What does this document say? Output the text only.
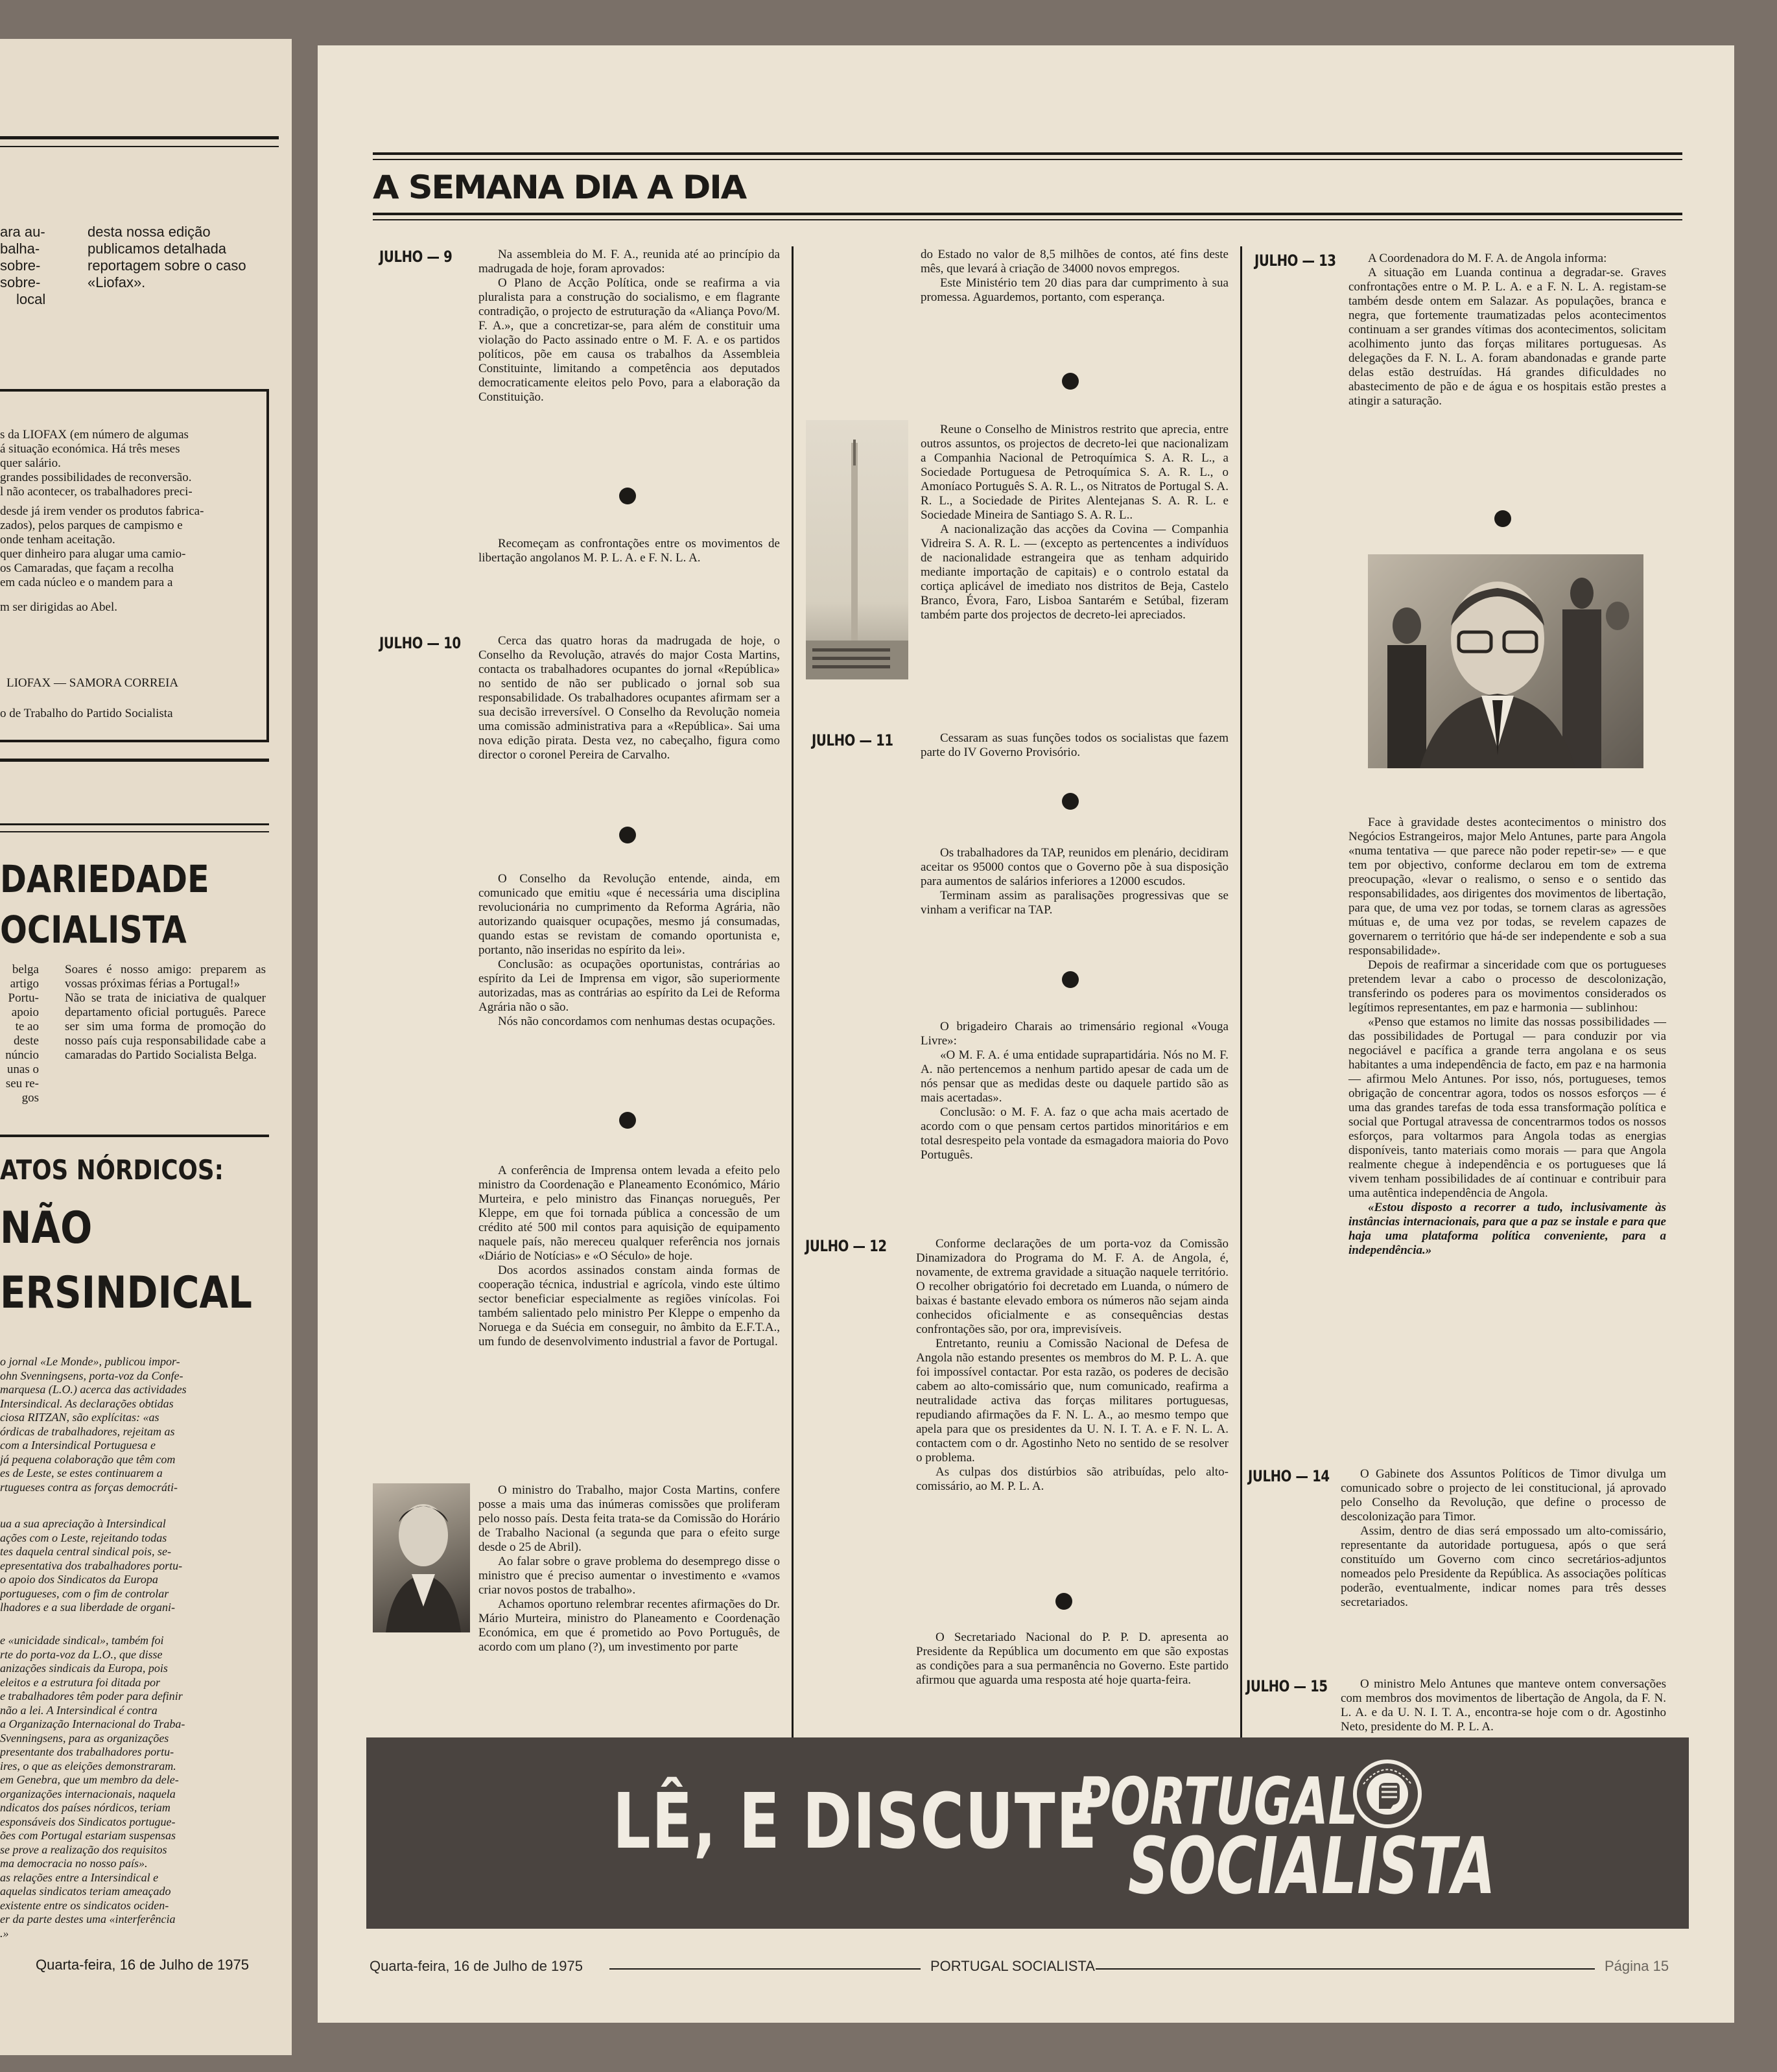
ara au-
balha-
sobre-
sobre-
local
desta nossa edição publicamos detalhada reportagem sobre o caso «Liofax».
s da LIOFAX (em número de algumas
á situação económica. Há três meses
quer salário.
grandes possibilidades de reconversão.
l não acontecer, os trabalhadores preci-
desde já irem vender os produtos fabrica-
zados), pelos parques de campismo e
onde tenham aceitação.
quer dinheiro para alugar uma camio-
os Camaradas, que façam a recolha
em cada núcleo e o mandem para a
m ser dirigidas ao Abel.
LIOFAX — SAMORA CORREIA
o de Trabalho do Partido Socialista
DARIEDADE
OCIALISTA
belga
artigo
Portu-
apoio
te ao
deste
núncio
unas o
seu re-
gos
Soares é nosso amigo: preparem as vossas próximas férias a Portugal!»
Não se trata de iniciativa de qualquer departamento oficial português. Parece ser sim uma forma de promoção do nosso país cuja responsabilidade cabe a camaradas do Partido Socialista Belga.
ATOS NÓRDICOS:
NÃO
ERSINDICAL
o jornal «Le Monde», publicou impor-
ohn Svenningsens, porta-voz da Confe-
marquesa (L.O.) acerca das actividades
Intersindical. As declarações obtidas
ciosa RITZAN, são explícitas: «as
órdicas de trabalhadores, rejeitam as
com a Intersindical Portuguesa e
já pequena colaboração que têm com
es de Leste, se estes continuarem a
rtugueses contra as forças democráti-
ua a sua apreciação à Intersindical
ações com o Leste, rejeitando todas
tes daquela central sindical pois, se-
epresentativa dos trabalhadores portu-
o apoio dos Sindicatos da Europa
portugueses, com o fim de controlar
lhadores e a sua liberdade de organi-
e «unicidade sindical», também foi
rte do porta-voz da L.O., que disse
anizações sindicais da Europa, pois
eleitos e a estrutura foi ditada por
e trabalhadores têm poder para definir
não a lei. A Intersindical é contra
a Organização Internacional do Traba-
Svenningsens, para as organizações
presentante dos trabalhadores portu-
ires, o que as eleições demonstraram.
em Genebra, que um membro da dele-
organizações internacionais, naquela
ndicatos dos países nórdicos, teriam
esponsáveis dos Sindicatos portugue-
ões com Portugal estariam suspensas
se prove a realização dos requisitos
ma democracia no nosso país».
as relações entre a Intersindical e
aquelas sindicatos teriam ameaçado
existente entre os sindicatos ociden-
er da parte destes uma «interferência
.»
Quarta-feira, 16 de Julho de 1975
A SEMANA DIA A DIA
JULHO — 9	Na assembleia do M. F. A., reunida até ao princípio da madrugada de hoje, foram aprovados:

O Plano de Acção Política, onde se reafirma a via pluralista para a construção do socialismo, e em flagrante contradição, o projecto de estruturação da «Aliança Povo/M. F. A.», que a concretizar-se, para além de constituir uma violação do Pacto assinado entre o M. F. A. e os partidos políticos, põe em causa os trabalhos da Assembleia Constituinte, limitando a competência aos deputados democraticamente eleitos pelo Povo, para a elaboração da Constituição.

Recomeçam as confrontações entre os movimentos de libertação angolanos M. P. L. A. e F. N. L. A.

JULHO — 10	Cerca das quatro horas da madrugada de hoje, o Conselho da Revolução, através do major Costa Martins, contacta os trabalhadores ocupantes do jornal «República» no sentido de não ser publicado o jornal sob sua responsabilidade. Os trabalhadores ocupantes afirmam ser a sua decisão irreversível. O Conselho da Revolução nomeia uma comissão administrativa para a «República». Sai uma nova edição pirata. Desta vez, no cabeçalho, figura como director o coronel Pereira de Carvalho.

O Conselho da Revolução entende, ainda, em comunicado que emitiu «que é necessária uma disciplina revolucionária no cumprimento da Reforma Agrária, não autorizando quaisquer ocupações, mesmo já consumadas, quando estas se revistam de comando oportunista e, portanto, não inseridas no espírito da lei».

Conclusão: as ocupações oportunistas, contrárias ao espírito da Lei de Imprensa em vigor, são superiormente autorizadas, mas as contrárias ao espírito da Lei de Reforma Agrária não o são.

Nós não concordamos com nenhumas destas ocupações.

A conferência de Imprensa ontem levada a efeito pelo ministro da Coordenação e Planeamento Económico, Mário Murteira, e pelo ministro das Finanças norueguês, Per Kleppe, em que foi tornada pública a concessão de um crédito até 500 mil contos para aquisição de equipamento naquele país, não mereceu qualquer referência nos jornais «Diário de Notícias» e «O Século» de hoje.

Dos acordos assinados constam ainda formas de cooperação técnica, industrial e agrícola, vindo este último sector beneficiar especialmente as regiões vinícolas. Foi também salientado pelo ministro Per Kleppe o empenho da Noruega e da Suécia em conseguir, no âmbito da E.F.T.A., um fundo de desenvolvimento industrial a favor de Portugal.

O ministro do Trabalho, major Costa Martins, confere posse a mais uma das inúmeras comissões que proliferam pelo nosso país. Desta feita trata-se da Comissão do Horário de Trabalho Nacional (a segunda que para o efeito surge desde o 25 de Abril).

Ao falar sobre o grave problema do desemprego disse o ministro que é preciso aumentar o investimento e «vamos criar novos postos de trabalho».

Achamos oportuno relembrar recentes afirmações do Dr. Mário Murteira, ministro do Planeamento e Coordenação Económica, em que é prometido ao Povo Português, de acordo com um plano (?), um investimento por parte

do Estado no valor de 8,5 milhões de contos, até fins deste mês, que levará à criação de 34000 novos empregos.

Este Ministério tem 20 dias para dar cumprimento à sua promessa. Aguardemos, portanto, com esperança.

Reune o Conselho de Ministros restrito que aprecia, entre outros assuntos, os projectos de decreto-lei que nacionalizam a Companhia Nacional de Petroquímica S. A. R. L., a Sociedade Portuguesa de Petroquímica S. A. R. L., o Amoníaco Português S. A. R. L., os Nitratos de Portugal S. A. R. L., a Sociedade de Pirites Alentejanas S. A. R. L. e Sociedade Mineira de Santiago S. A. R. L..

A nacionalização das acções da Covina — Companhia Vidreira S. A. R. L. — (excepto as pertencentes a indivíduos de nacionalidade estrangeira que as tenham adquirido mediante importação de capitais) e o controlo estatal da cortiça aplicável de imediato nos distritos de Beja, Castelo Branco, Évora, Faro, Lisboa Santarém e Setúbal, fizeram também parte dos projectos de decreto-lei apreciados.

JULHO — 11	Cessaram as suas funções todos os socialistas que fazem parte do IV Governo Provisório.

Os trabalhadores da TAP, reunidos em plenário, decidiram aceitar os 95000 contos que o Governo põe à sua disposição para aumentos de salários inferiores a 12000 escudos.

Terminam assim as paralisações progressivas que se vinham a verificar na TAP.

O brigadeiro Charais ao trimensário regional «Vouga Livre»:

«O M. F. A. é uma entidade suprapartidária. Nós no M. F. A. não pertencemos a nenhum partido apesar de cada um de nós pensar que as medidas deste ou daquele partido são as mais acertadas».

Conclusão: o M. F. A. faz o que acha mais acertado de acordo com o que pensam certos partidos minoritários e em total desrespeito pela vontade da esmagadora maioria do Povo Português.

JULHO — 12	Conforme declarações de um porta-voz da Comissão Dinamizadora do Programa do M. F. A. de Angola, é, novamente, de extrema gravidade a situação naquele território. O recolher obrigatório foi decretado em Luanda, o número de baixas é bastante elevado embora os números não sejam ainda conhecidos oficialmente e as consequências destas confrontações são, por ora, imprevisíveis.

Entretanto, reuniu a Comissão Nacional de Defesa de Angola não estando presentes os membros do M. P. L. A. que foi impossível contactar. Por esta razão, os poderes de decisão cabem ao alto-comissário que, num comunicado, reafirma a neutralidade activa das forças militares portuguesas, repudiando afirmações da F. N. L. A., ao mesmo tempo que apela para que os presidentes da U. N. I. T. A. e F. N. L. A. contactem com o dr. Agostinho Neto no sentido de se resolver o problema.

As culpas dos distúrbios são atribuídas, pelo alto-comissário, ao M. P. L. A.

O Secretariado Nacional do P. P. D. apresenta ao Presidente da República um documento em que são expostas as condições para a sua permanência no Governo. Este partido afirmou que aguarda uma resposta até hoje quarta-feira.

JULHO — 13	A Coordenadora do M. F. A. de Angola informa:

A situação em Luanda continua a degradar-se. Graves confrontações entre o M. P. L. A. e a F. N. L. A. registam-se também desde ontem em Salazar. As populações, branca e negra, que fortemente traumatizadas pelos acontecimentos continuam a ser grandes vítimas dos acontecimentos, solicitam acolhimento junto das forças militares portuguesas. As delegações da F. N. L. A. foram abandonadas e grande parte delas estão destruídas. Há grandes dificuldades no abastecimento de pão e de água e os hospitais estão prestes a atingir a saturação.

Face à gravidade destes acontecimentos o ministro dos Negócios Estrangeiros, major Melo Antunes, parte para Angola «numa tentativa — que parece não poder repetir-se» — e que tem por objectivo, conforme declarou em tom de extrema preocupação, «levar o realismo, o senso e o sentido das responsabilidades, aos dirigentes dos movimentos de libertação, para que, de uma vez por todas, se tornem claras as agressões mútuas e, de uma vez por todas, se revelem capazes de governarem o território que há-de ser independente e sob a sua responsabilidade».

Depois de reafirmar a sinceridade com que os portugueses pretendem levar a cabo o processo de descolonização, transferindo os poderes para os movimentos considerados os legítimos representantes, em paz e harmonia — sublinhou:

«Penso que estamos no limite das nossas possibilidades — das possibilidades de Portugal — para conduzir por via negociável e pacífica a grande terra angolana e os seus habitantes a uma independência de facto, em paz e na harmonia — afirmou Melo Antunes. Por isso, nós, portugueses, temos obrigação de concentrar agora, todos os nossos esforços — é uma das grandes tarefas de toda essa transformação política e social que Portugal atravessa de concentrarmos todos os nossos esforços, para voltarmos para Angola todas as energias disponíveis, tanto materiais como morais — para que Angola realmente chegue à independência e os portugueses que lá vivem tenham possibilidades de aí continuar e contribuir para uma autêntica independência de Angola.

«Estou disposto a recorrer a tudo, inclusivamente às instâncias internacionais, para que a paz se instale e para que haja uma plataforma política conveniente, para a independência.»

JULHO — 14	O Gabinete dos Assuntos Políticos de Timor divulga um comunicado sobre o projecto de lei constitucional, já aprovado pelo Conselho da Revolução, que define o processo de descolonização para Timor.

Assim, dentro de dias será empossado um alto-comissário, representante da autoridade portuguesa, após o que será constituído um Governo com cinco secretários-adjuntos nomeados pelo Presidente da República. As associações políticas poderão, eventualmente, indicar nomes para três desses secretariados.

JULHO — 15	O ministro Melo Antunes que manteve ontem conversações com membros dos movimentos de libertação de Angola, da F. N. L. A. e da U. N. I. T. A., encontra-se hoje com o dr. Agostinho Neto, presidente do M. P. L. A.

LÊ, E DISCUTE
PORTUGAL
SOCIALISTA
Quarta-feira, 16 de Julho de 1975	PORTUGAL SOCIALISTA	Página 15
